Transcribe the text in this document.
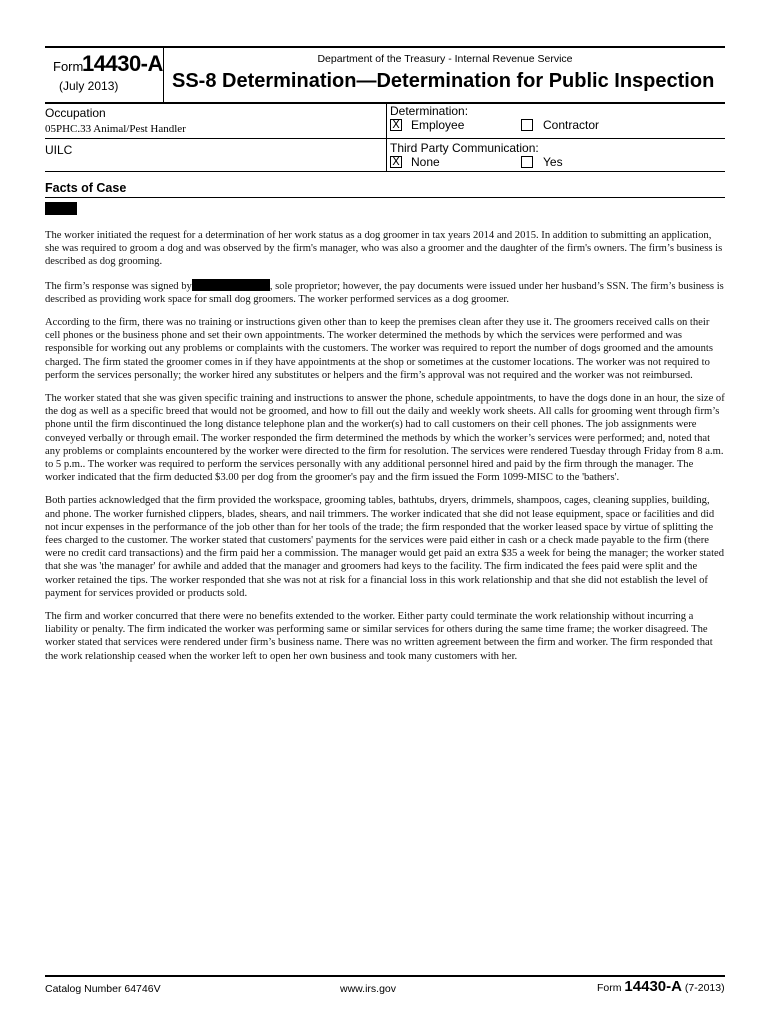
Form
14430-A
(July 2013)
Department of the Treasury - Internal Revenue Service
SS-8 Determination—Determination for Public Inspection
Occupation
05PHC.33 Animal/Pest Handler
UILC
Determination:
X Employee	Contractor
Third Party Communication:
X None	Yes
Facts of Case

The worker initiated the request for a determination of her work status as a dog groomer in tax years 2014 and 2015. In addition to submitting an application, she was required to groom a dog and was observed by the firm's manager, who was also a groomer and the daughter of the firm's owners. The firm’s business is described as dog grooming.

The firm’s response was signed by	, sole proprietor; however, the pay documents were issued under her husband’s SSN. The firm’s business is described as providing work space for small dog groomers. The worker performed services as a dog groomer.

According to the firm, there was no training or instructions given other than to keep the premises clean after they use it. The groomers received calls on their cell phones or the business phone and set their own appointments. The worker determined the methods by which the services were performed and was responsible for working out any problems or complaints with the customers. The worker was required to report the number of dogs groomed and the amounts charged. The firm stated the groomer comes in if they have appointments at the shop or sometimes at the customer locations. The worker was not required to perform the services personally; the worker hired any substitutes or helpers and the firm’s approval was not required and the worker was not reimbursed.

The worker stated that she was given specific training and instructions to answer the phone, schedule appointments, to have the dogs done in an hour, the size of the dog as well as a specific breed that would not be groomed, and how to fill out the daily and weekly work sheets. All calls for grooming went through firm’s phone until the firm discontinued the long distance telephone plan and the worker(s) had to call customers on their cell phones. The job assignments were conveyed verbally or through email. The worker responded the firm determined the methods by which the worker’s services were performed; and, noted that any problems or complaints encountered by the worker were directed to the firm for resolution. The services were rendered Tuesday through Friday from 8 a.m. to 5 p.m.. The worker was required to perform the services personally with any additional personnel hired and paid by the firm through the manager. The worker indicated that the firm deducted $3.00 per dog from the groomer's pay and the firm issued the Form 1099-MISC to the 'bathers'.

Both parties acknowledged that the firm provided the workspace, grooming tables, bathtubs, dryers, drimmels, shampoos, cages, cleaning supplies, building, and phone. The worker furnished clippers, blades, shears, and nail trimmers. The worker indicated that she did not lease equipment, space or facilities and did not incur expenses in the performance of the job other than for her tools of the trade; the firm responded that the worker leased space by virtue of splitting the fees charged to the customer. The worker stated that customers' payments for the services were paid either in cash or a check made payable to the firm (there were no credit card transactions) and the firm paid her a commission. The manager would get paid an extra $35 a week for being the manager; the worker stated that she was 'the manager' for awhile and added that the manager and groomers had keys to the facility. The firm indicated the fees paid were split and the worker retained the tips. The worker responded that she was not at risk for a financial loss in this work relationship and that she did not establish the level of payment for services provided or products sold.

The firm and worker concurred that there were no benefits extended to the worker. Either party could terminate the work relationship without incurring a liability or penalty. The firm indicated the worker was performing same or similar services for others during the same time frame; the worker disagreed. The worker stated that services were rendered under firm’s business name. There was no written agreement between the firm and worker. The firm responded that the work relationship ceased when the worker left to open her own business and took many customers with her.

Catalog Number 64746V	www.irs.gov	Form 14430-A (7-2013)
